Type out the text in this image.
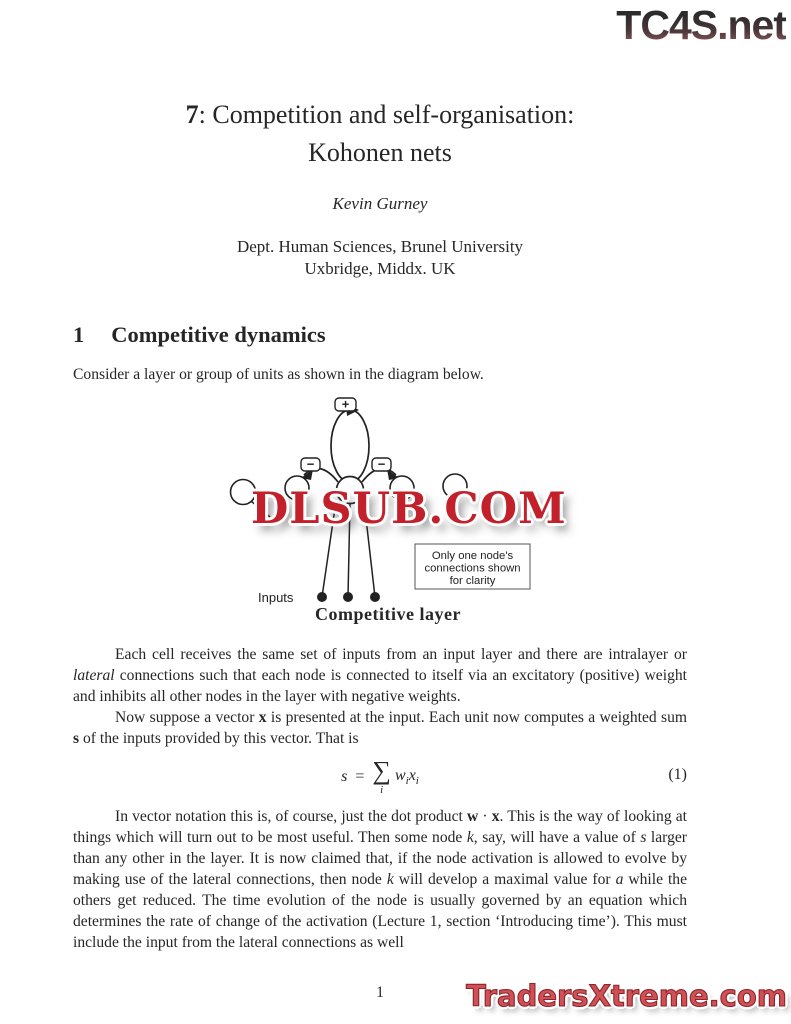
TC4S.net
7: Competition and self-organisation:
Kohonen nets
Kevin Gurney
Dept. Human Sciences, Brunel University
Uxbridge, Middx. UK
1 Competitive dynamics
Consider a layer or group of units as shown in the diagram below.
+
−	−
Inputs
Only one node's
connections shown
for clarity
DLSUB.COM
Competitive layer

Each cell receives the same set of inputs from an input layer and there are intralayer or lateral connections such that each node is connected to itself via an excitatory (positive) weight and inhibits all other nodes in the layer with negative weights.

Now suppose a vector x is presented at the input. Each unit now computes a weighted sum s of the inputs provided by this vector. That is

s = ∑
i
$w_ix_i$	(1)

In vector notation this is, of course, just the dot product w · x. This is the way of looking at things which will turn out to be most useful. Then some node k, say, will have a value of s larger than any other in the layer. It is now claimed that, if the node activation is allowed to evolve by making use of the lateral connections, then node k will develop a maximal value for a while the others get reduced. The time evolution of the node is usually governed by an equation which determines the rate of change of the activation (Lecture 1, section ‘Introducing time’). This must include the input from the lateral connections as well

1	TradersXtreme.com
